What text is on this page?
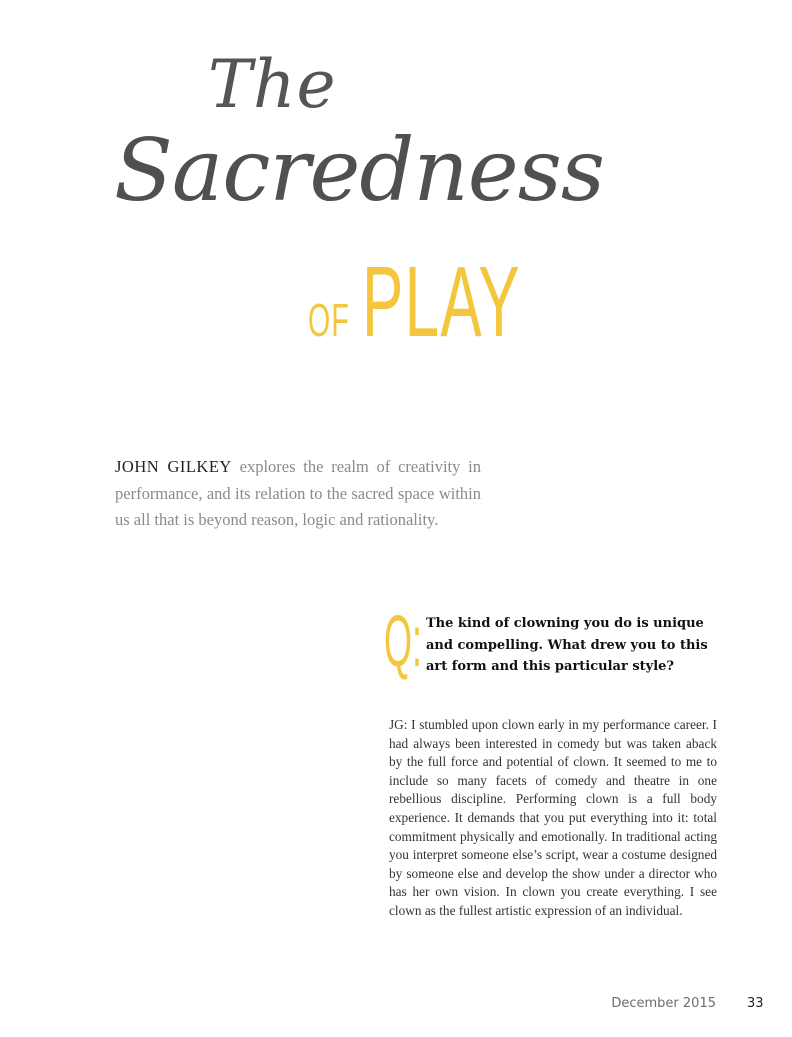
The
Sacredness
OF PLAY

JOHN GILKEY explores the realm of creativity in performance, and its relation to the sacred space within us all that is beyond reason, logic and rationality.

Q: The kind of clowning you do is unique and compelling. What drew you to this art form and this particular style?

JG: I stumbled upon clown early in my performance career. I had always been interested in comedy but was taken aback by the full force and potential of clown. It seemed to me to include so many facets of comedy and theatre in one rebellious discipline. Performing clown is a full body experience. It demands that you put everything into it: total commitment physically and emotionally. In traditional acting you interpret someone else’s script, wear a costume designed by someone else and develop the show under a director who has her own vision. In clown you create everything. I see clown as the fullest artistic expression of an individual.

December 2015 33
